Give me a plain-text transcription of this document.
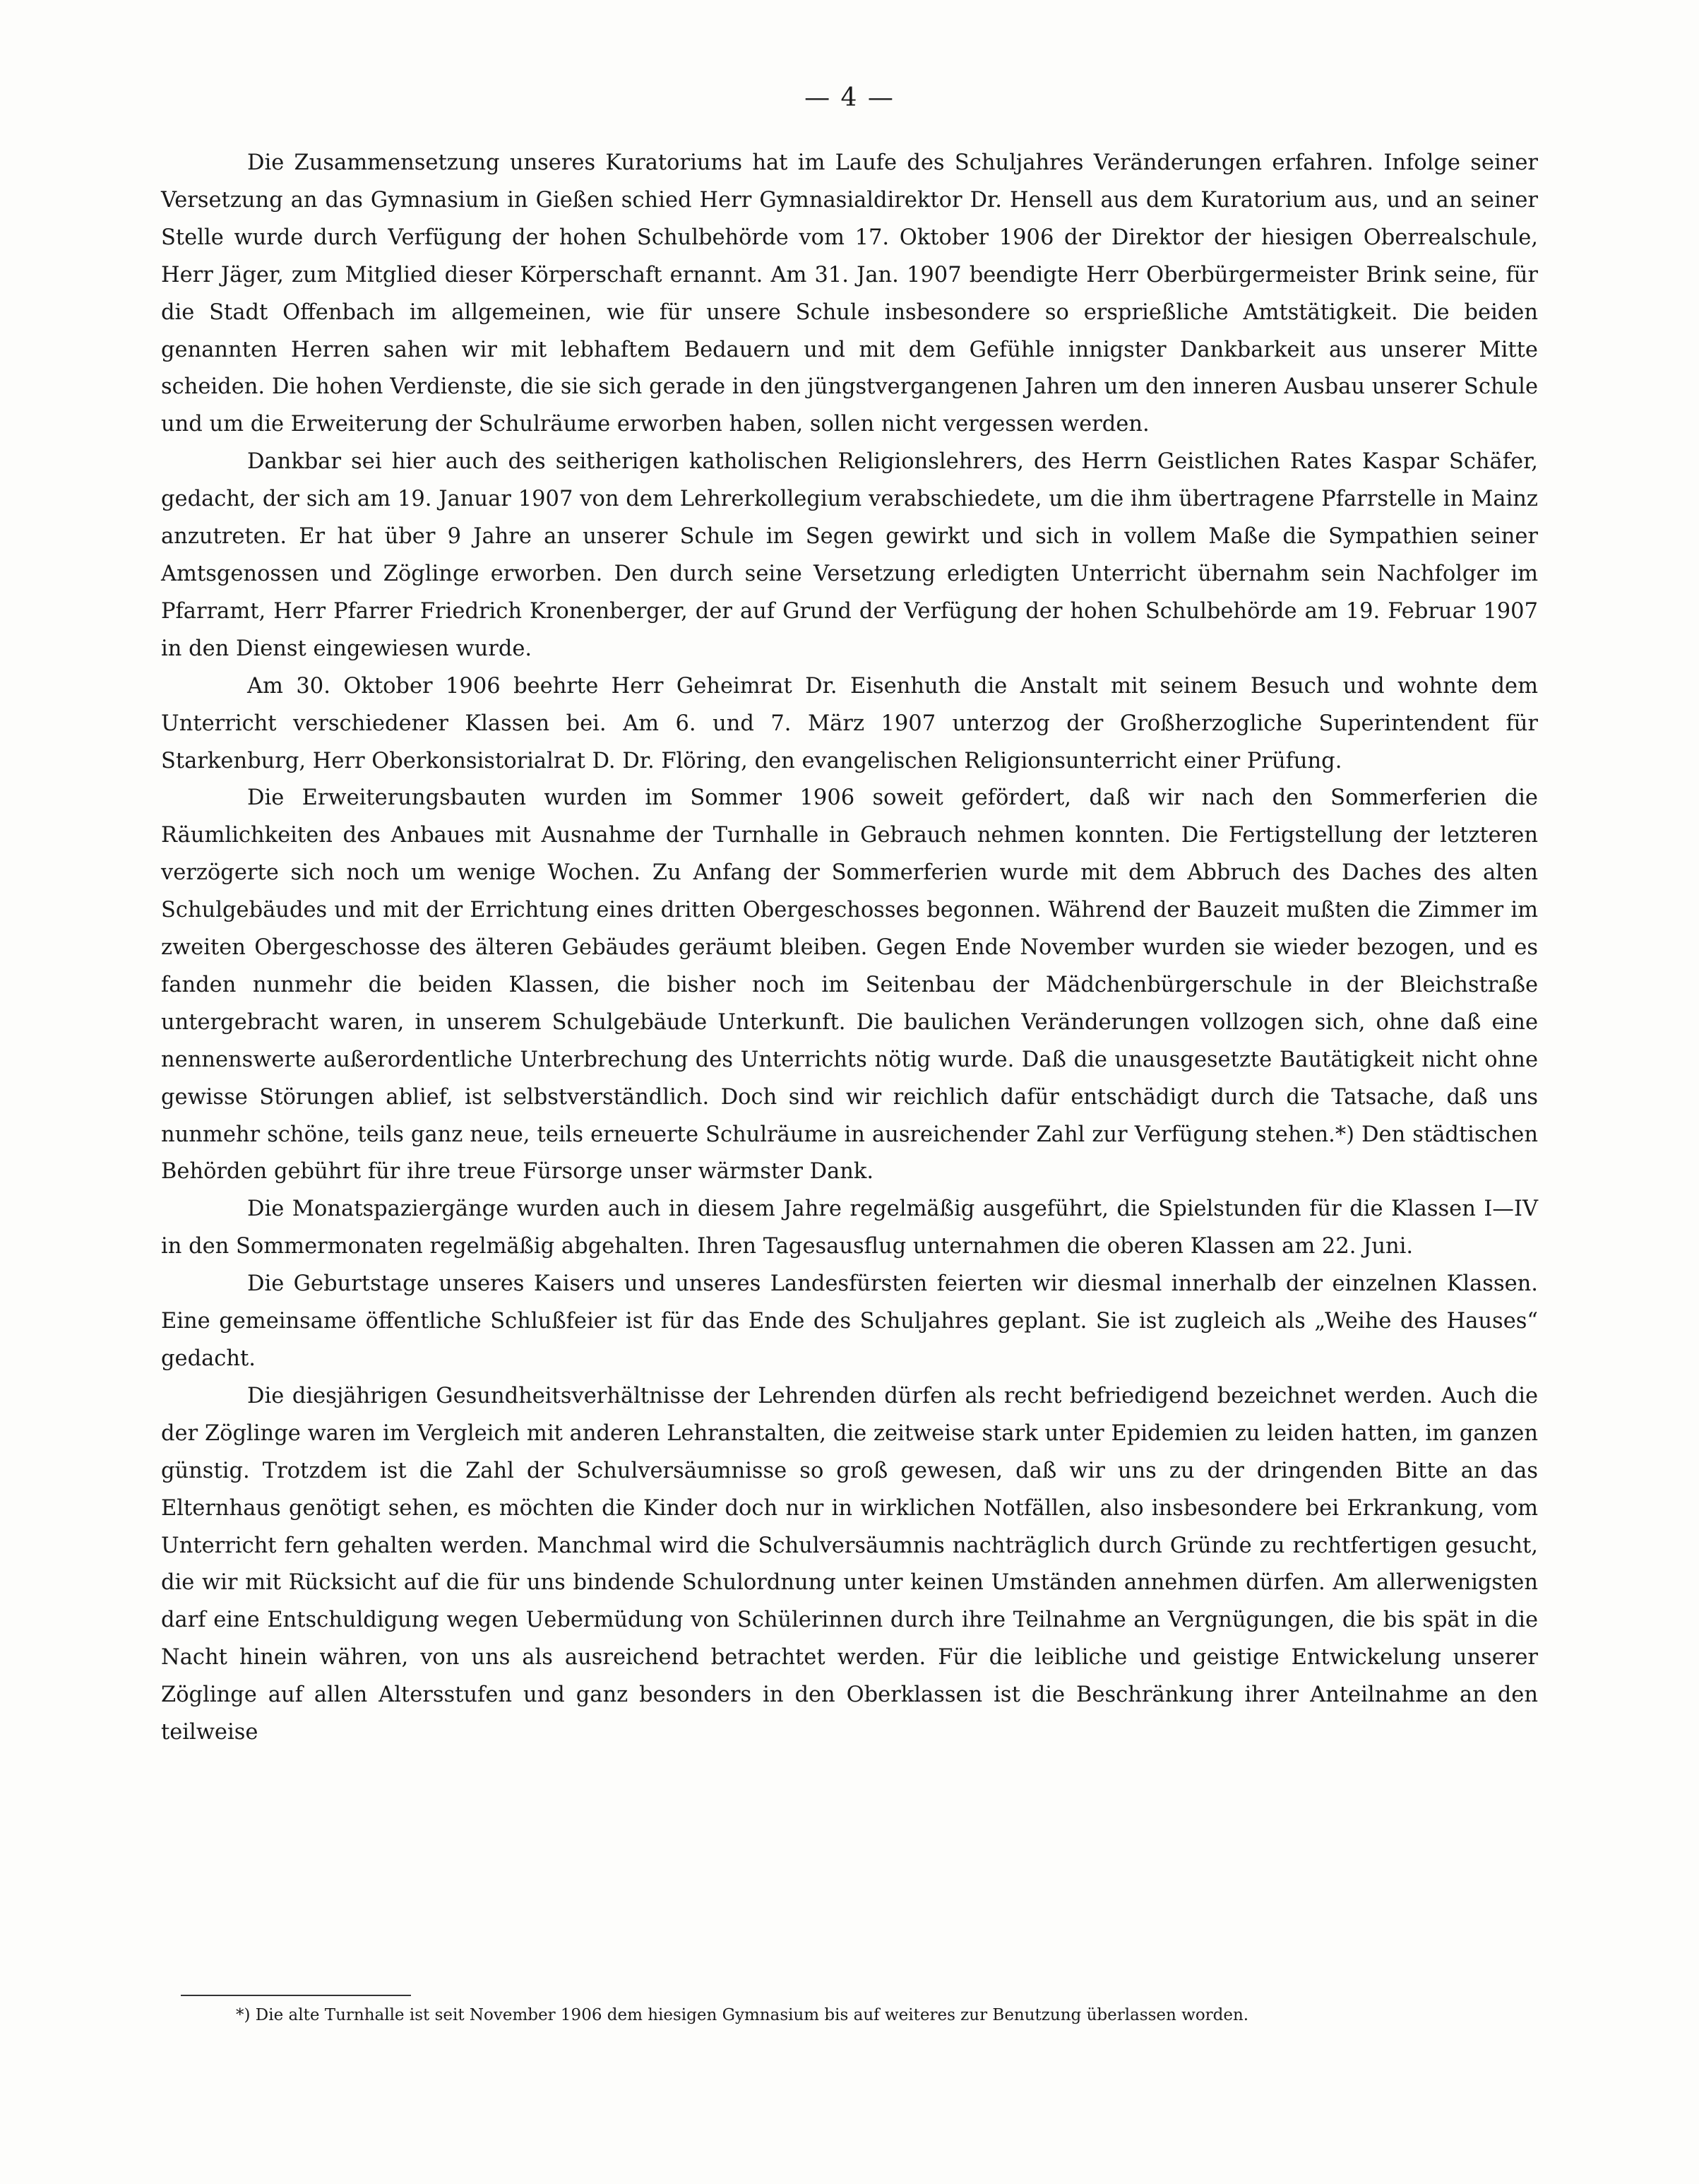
— 4 —

Die Zusammensetzung unseres Kuratoriums hat im Laufe des Schuljahres Veränderungen erfahren. Infolge seiner Versetzung an das Gymnasium in Gießen schied Herr Gymnasialdirektor Dr. Hensell aus dem Kuratorium aus, und an seiner Stelle wurde durch Verfügung der hohen Schulbehörde vom 17. Oktober 1906 der Direktor der hiesigen Oberrealschule, Herr Jäger, zum Mitglied dieser Körperschaft ernannt. Am 31. Jan. 1907 beendigte Herr Oberbürgermeister Brink seine, für die Stadt Offenbach im allgemeinen, wie für unsere Schule insbesondere so ersprießliche Amtstätigkeit. Die beiden genannten Herren sahen wir mit lebhaftem Bedauern und mit dem Gefühle innigster Dankbarkeit aus unserer Mitte scheiden. Die hohen Verdienste, die sie sich gerade in den jüngstvergangenen Jahren um den inneren Ausbau unserer Schule und um die Erweiterung der Schulräume erworben haben, sollen nicht vergessen werden.

Dankbar sei hier auch des seitherigen katholischen Religionslehrers, des Herrn Geistlichen Rates Kaspar Schäfer, gedacht, der sich am 19. Januar 1907 von dem Lehrerkollegium verabschiedete, um die ihm übertragene Pfarrstelle in Mainz anzutreten. Er hat über 9 Jahre an unserer Schule im Segen gewirkt und sich in vollem Maße die Sympathien seiner Amtsgenossen und Zöglinge erworben. Den durch seine Versetzung erledigten Unterricht übernahm sein Nachfolger im Pfarramt, Herr Pfarrer Friedrich Kronenberger, der auf Grund der Verfügung der hohen Schulbehörde am 19. Februar 1907 in den Dienst eingewiesen wurde.

Am 30. Oktober 1906 beehrte Herr Geheimrat Dr. Eisenhuth die Anstalt mit seinem Besuch und wohnte dem Unterricht verschiedener Klassen bei. Am 6. und 7. März 1907 unterzog der Großherzogliche Superintendent für Starkenburg, Herr Oberkonsistorialrat D. Dr. Flöring, den evangelischen Religionsunterricht einer Prüfung.

Die Erweiterungsbauten wurden im Sommer 1906 soweit gefördert, daß wir nach den Sommerferien die Räumlichkeiten des Anbaues mit Ausnahme der Turnhalle in Gebrauch nehmen konnten. Die Fertigstellung der letzteren verzögerte sich noch um wenige Wochen. Zu Anfang der Sommerferien wurde mit dem Abbruch des Daches des alten Schulgebäudes und mit der Errichtung eines dritten Obergeschosses begonnen. Während der Bauzeit mußten die Zimmer im zweiten Obergeschosse des älteren Gebäudes geräumt bleiben. Gegen Ende November wurden sie wieder bezogen, und es fanden nunmehr die beiden Klassen, die bisher noch im Seitenbau der Mädchenbürgerschule in der Bleichstraße untergebracht waren, in unserem Schulgebäude Unterkunft. Die baulichen Veränderungen vollzogen sich, ohne daß eine nennenswerte außerordentliche Unterbrechung des Unterrichts nötig wurde. Daß die unausgesetzte Bautätigkeit nicht ohne gewisse Störungen ablief, ist selbstverständlich. Doch sind wir reichlich dafür entschädigt durch die Tatsache, daß uns nunmehr schöne, teils ganz neue, teils erneuerte Schulräume in ausreichender Zahl zur Verfügung stehen.*) Den städtischen Behörden gebührt für ihre treue Fürsorge unser wärmster Dank.

Die Monatspaziergänge wurden auch in diesem Jahre regelmäßig ausgeführt, die Spielstunden für die Klassen I—IV in den Sommermonaten regelmäßig abgehalten. Ihren Tagesausflug unternahmen die oberen Klassen am 22. Juni.

Die Geburtstage unseres Kaisers und unseres Landesfürsten feierten wir diesmal innerhalb der einzelnen Klassen. Eine gemeinsame öffentliche Schlußfeier ist für das Ende des Schuljahres geplant. Sie ist zugleich als „Weihe des Hauses“ gedacht.

Die diesjährigen Gesundheitsverhältnisse der Lehrenden dürfen als recht befriedigend bezeichnet werden. Auch die der Zöglinge waren im Vergleich mit anderen Lehranstalten, die zeitweise stark unter Epidemien zu leiden hatten, im ganzen günstig. Trotzdem ist die Zahl der Schulversäumnisse so groß gewesen, daß wir uns zu der dringenden Bitte an das Elternhaus genötigt sehen, es möchten die Kinder doch nur in wirklichen Notfällen, also insbesondere bei Erkrankung, vom Unterricht fern gehalten werden. Manchmal wird die Schulversäumnis nachträglich durch Gründe zu rechtfertigen gesucht, die wir mit Rücksicht auf die für uns bindende Schulordnung unter keinen Umständen annehmen dürfen. Am allerwenigsten darf eine Entschuldigung wegen Uebermüdung von Schülerinnen durch ihre Teilnahme an Vergnügungen, die bis spät in die Nacht hinein währen, von uns als ausreichend betrachtet werden. Für die leibliche und geistige Entwickelung unserer Zöglinge auf allen Altersstufen und ganz besonders in den Oberklassen ist die Beschränkung ihrer Anteilnahme an den teilweise

*) Die alte Turnhalle ist seit November 1906 dem hiesigen Gymnasium bis auf weiteres zur Benutzung überlassen worden.
